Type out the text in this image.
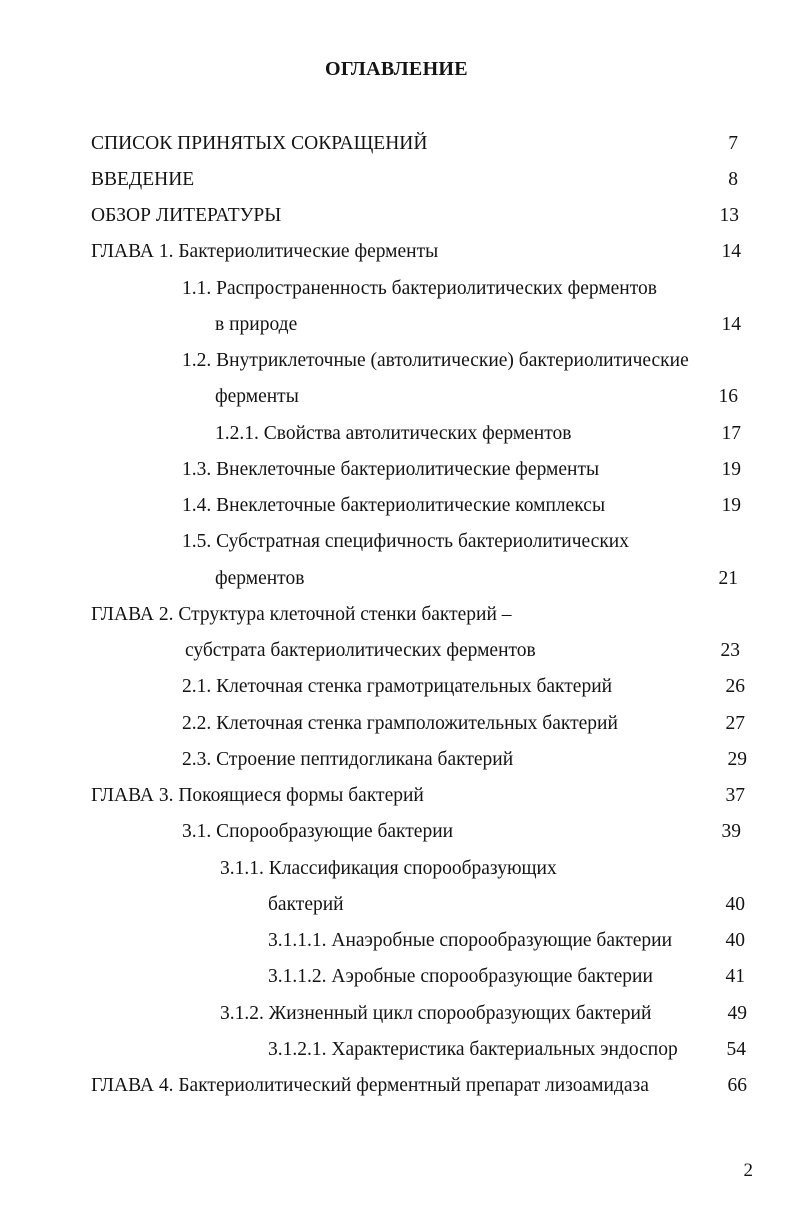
ОГЛАВЛЕНИЕ
СПИСОК ПРИНЯТЫХ СОКРАЩЕНИЙ	7
ВВЕДЕНИЕ	8
ОБЗОР ЛИТЕРАТУРЫ	13
ГЛАВА 1. Бактериолитические ферменты	14
1.1. Распространенность бактериолитических ферментов
в природе	14
1.2. Внутриклеточные (автолитические) бактериолитические
ферменты	16
1.2.1. Свойства автолитических ферментов	17
1.3. Внеклеточные бактериолитические ферменты	19
1.4. Внеклеточные бактериолитические комплексы	19
1.5. Субстратная специфичность бактериолитических
ферментов	21
ГЛАВА 2. Структура клеточной стенки бактерий –
субстрата бактериолитических ферментов	23
2.1. Клеточная стенка грамотрицательных бактерий	26
2.2. Клеточная стенка грамположительных бактерий	27
2.3. Строение пептидогликана бактерий	29
ГЛАВА 3. Покоящиеся формы бактерий	37
3.1. Спорообразующие бактерии	39
3.1.1. Классификация спорообразующих
бактерий	40
3.1.1.1. Анаэробные спорообразующие бактерии	40
3.1.1.2. Аэробные спорообразующие бактерии	41
3.1.2. Жизненный цикл спорообразующих бактерий	49
3.1.2.1. Характеристика бактериальных эндоспор	54
ГЛАВА 4. Бактериолитический ферментный препарат лизоамидаза	66
2
